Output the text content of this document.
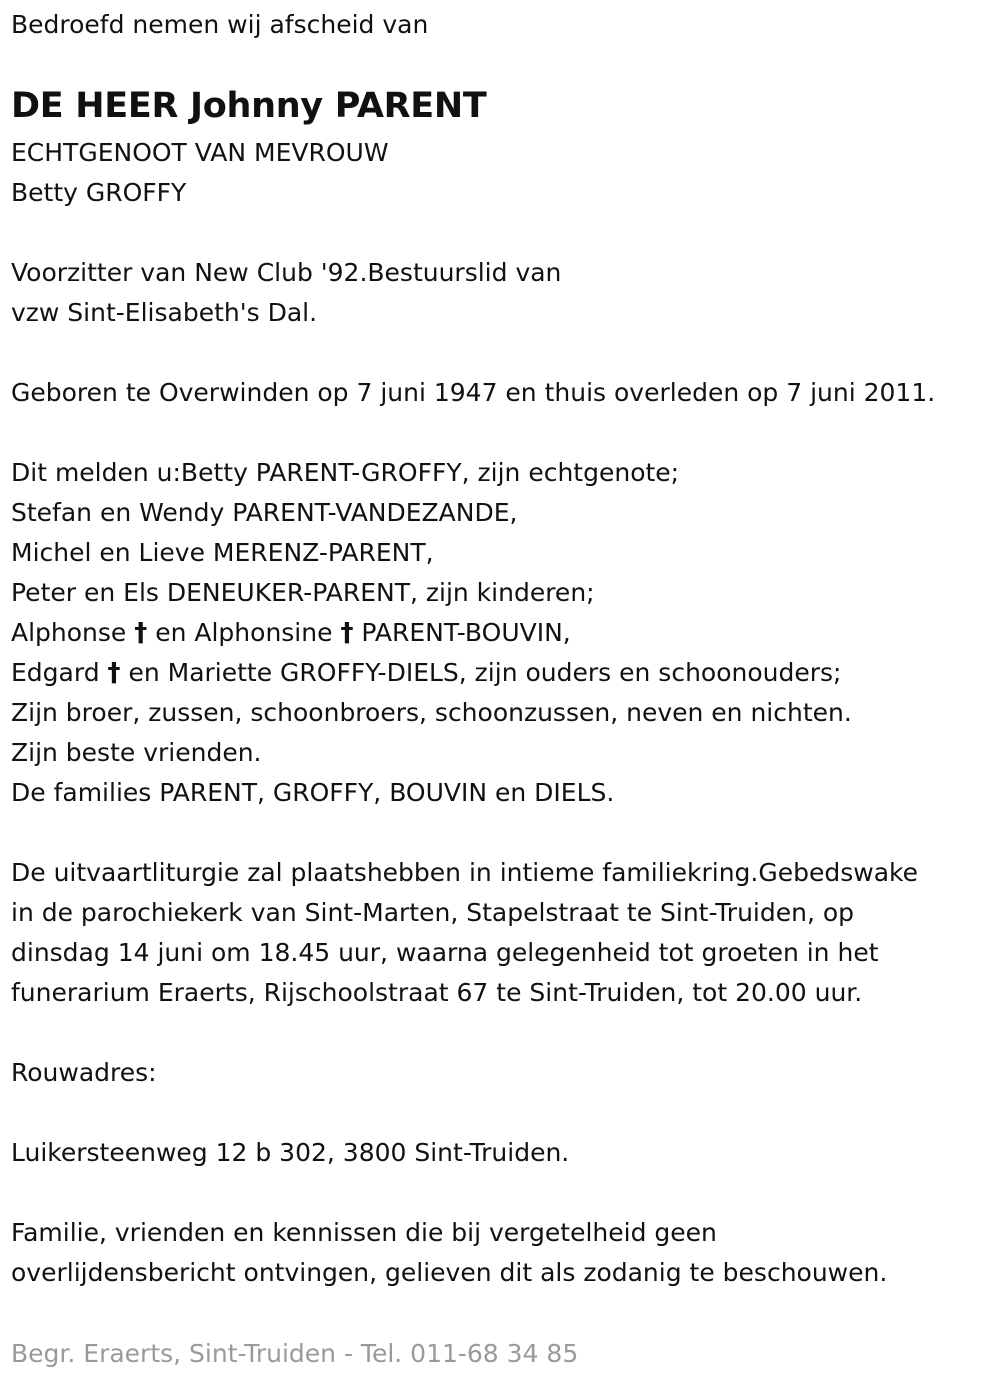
Bedroefd nemen wij afscheid van
DE HEER Johnny PARENT
ECHTGENOOT VAN MEVROUW
Betty GROFFY
Voorzitter van New Club '92.Bestuurslid van
vzw Sint-Elisabeth's Dal.
Geboren te Overwinden op 7 juni 1947 en thuis overleden op 7 juni 2011.
Dit melden u:Betty PARENT-GROFFY, zijn echtgenote;
Stefan en Wendy PARENT-VANDEZANDE,
Michel en Lieve MERENZ-PARENT,
Peter en Els DENEUKER-PARENT, zijn kinderen;
Alphonse † en Alphonsine † PARENT-BOUVIN,
Edgard † en Mariette GROFFY-DIELS, zijn ouders en schoonouders;
Zijn broer, zussen, schoonbroers, schoonzussen, neven en nichten.
Zijn beste vrienden.
De families PARENT, GROFFY, BOUVIN en DIELS.
De uitvaartliturgie zal plaatshebben in intieme familiekring.Gebedswake
in de parochiekerk van Sint-Marten, Stapelstraat te Sint-Truiden, op
dinsdag 14 juni om 18.45 uur, waarna gelegenheid tot groeten in het
funerarium Eraerts, Rijschoolstraat 67 te Sint-Truiden, tot 20.00 uur.
Rouwadres:
Luikersteenweg 12 b 302, 3800 Sint-Truiden.
Familie, vrienden en kennissen die bij vergetelheid geen
overlijdensbericht ontvingen, gelieven dit als zodanig te beschouwen.
Begr. Eraerts, Sint-Truiden - Tel. 011-68 34 85
